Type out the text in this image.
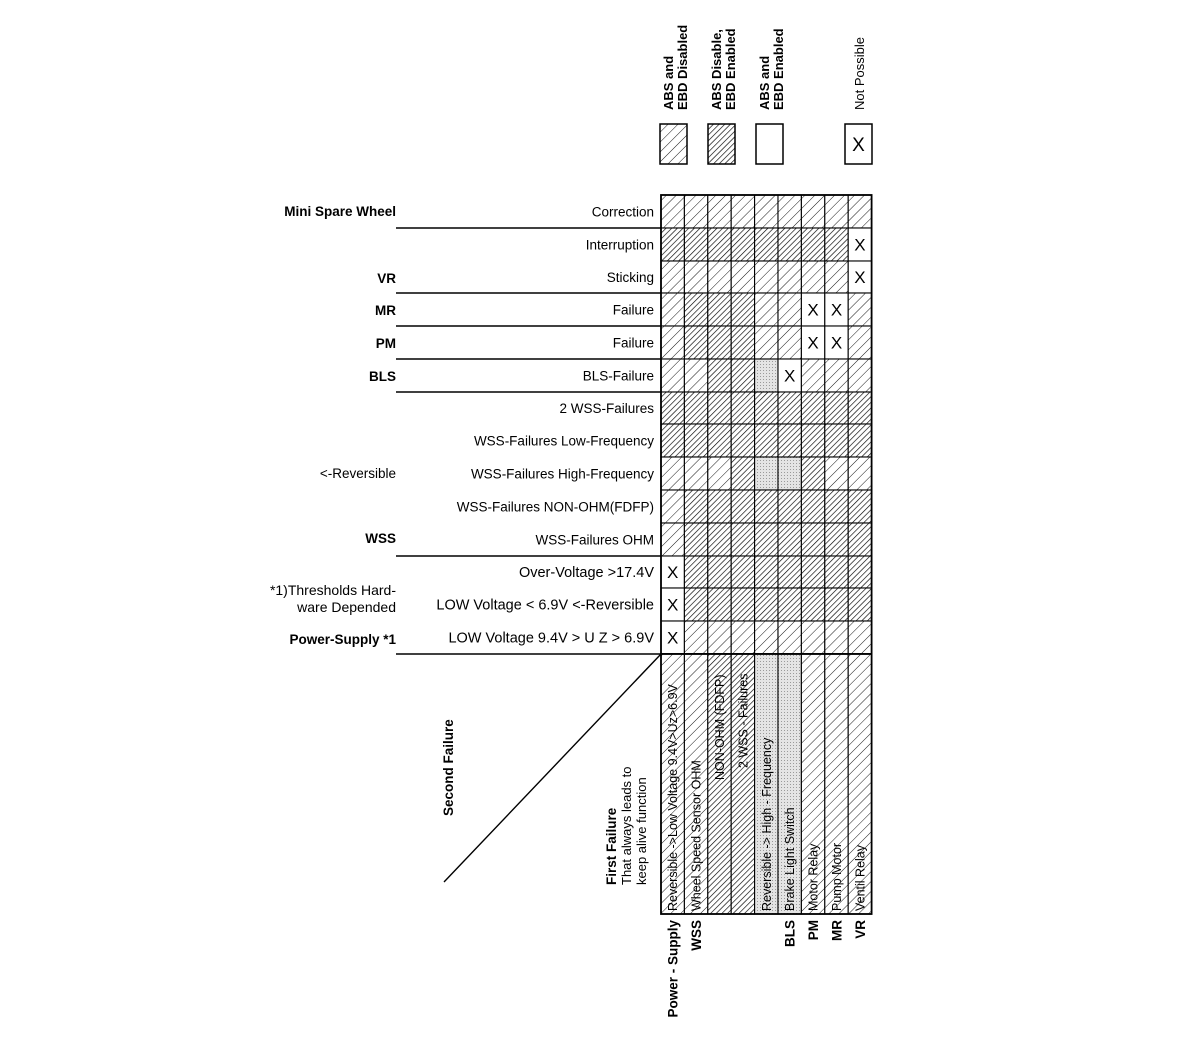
ABS and EBD Disabled ABS Disable, EBD Enabled ABS and EBD Enabled
X
Not Possible
Correction
Interruption
Sticking
Failure
Failure
BLS-Failure
2 WSS-Failures
WSS-Failures Low-Frequency
WSS-Failures High-Frequency
WSS-Failures NON-OHM(FDFP)
WSS-Failures OHM
Over-Voltage >17.4V
LOW Voltage < 6.9V <-Reversible
LOW Voltage 9.4V > U Z > 6.9V
Mini Spare Wheel
VR
MR
PM
BLS
<-Reversible
WSS
*1)Thresholds Hard-
ware Depended
Power-Supply *1
X
X
X X
X X
X
X
X
X
Reversible ->Low Voltage 9.4V>Uz>6.9V Wheel Speed Sensor OHM
NON-OHM (FDFP) 2 WSS - Failures
Reversible -> High - Frequency Brake Light Switch Motor Relay Pump Motor Ventil Relay
Second Failure
First Failure That always leads to keep alive function
Power - Supply WSS	BLS PM MR VR
